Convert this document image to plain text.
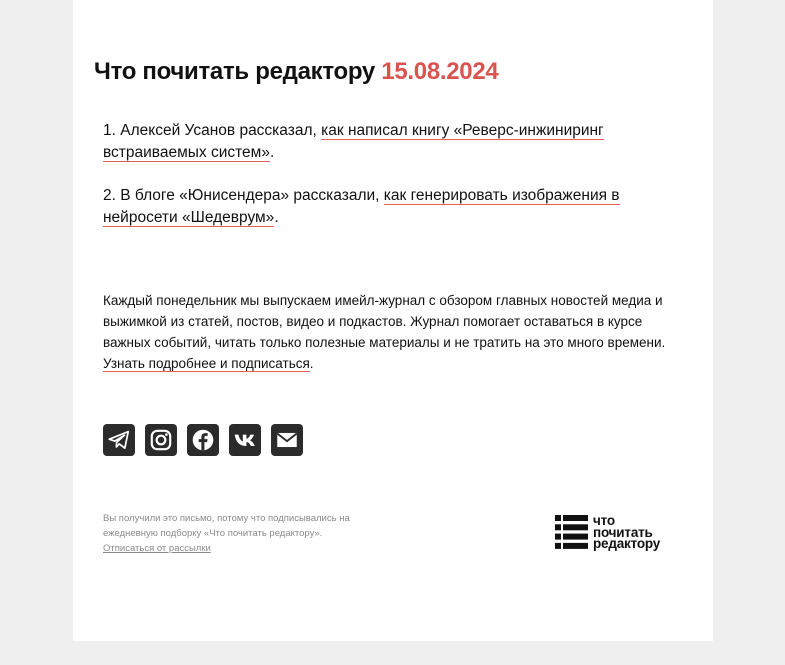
Что почитать редактору 15.08.2024

1. Алексей Усанов рассказал, как написал книгу «Реверс-инжиниринг встраиваемых систем».

2. В блоге «Юнисендера» рассказали, как генерировать изображения в нейросети «Шедеврум».

Каждый понедельник мы выпускаем имейл-журнал с обзором главных новостей медиа и выжимкой из статей, постов, видео и подкастов. Журнал помогает оставаться в курсе важных событий, читать только полезные материалы и не тратить на это много времени. Узнать подробнее и подписаться.

Вы получили это письмо, потому что подписывались на ежедневную подборку «Что почитать редактору».
Отписаться от рассылки
что
почитать
редактору
